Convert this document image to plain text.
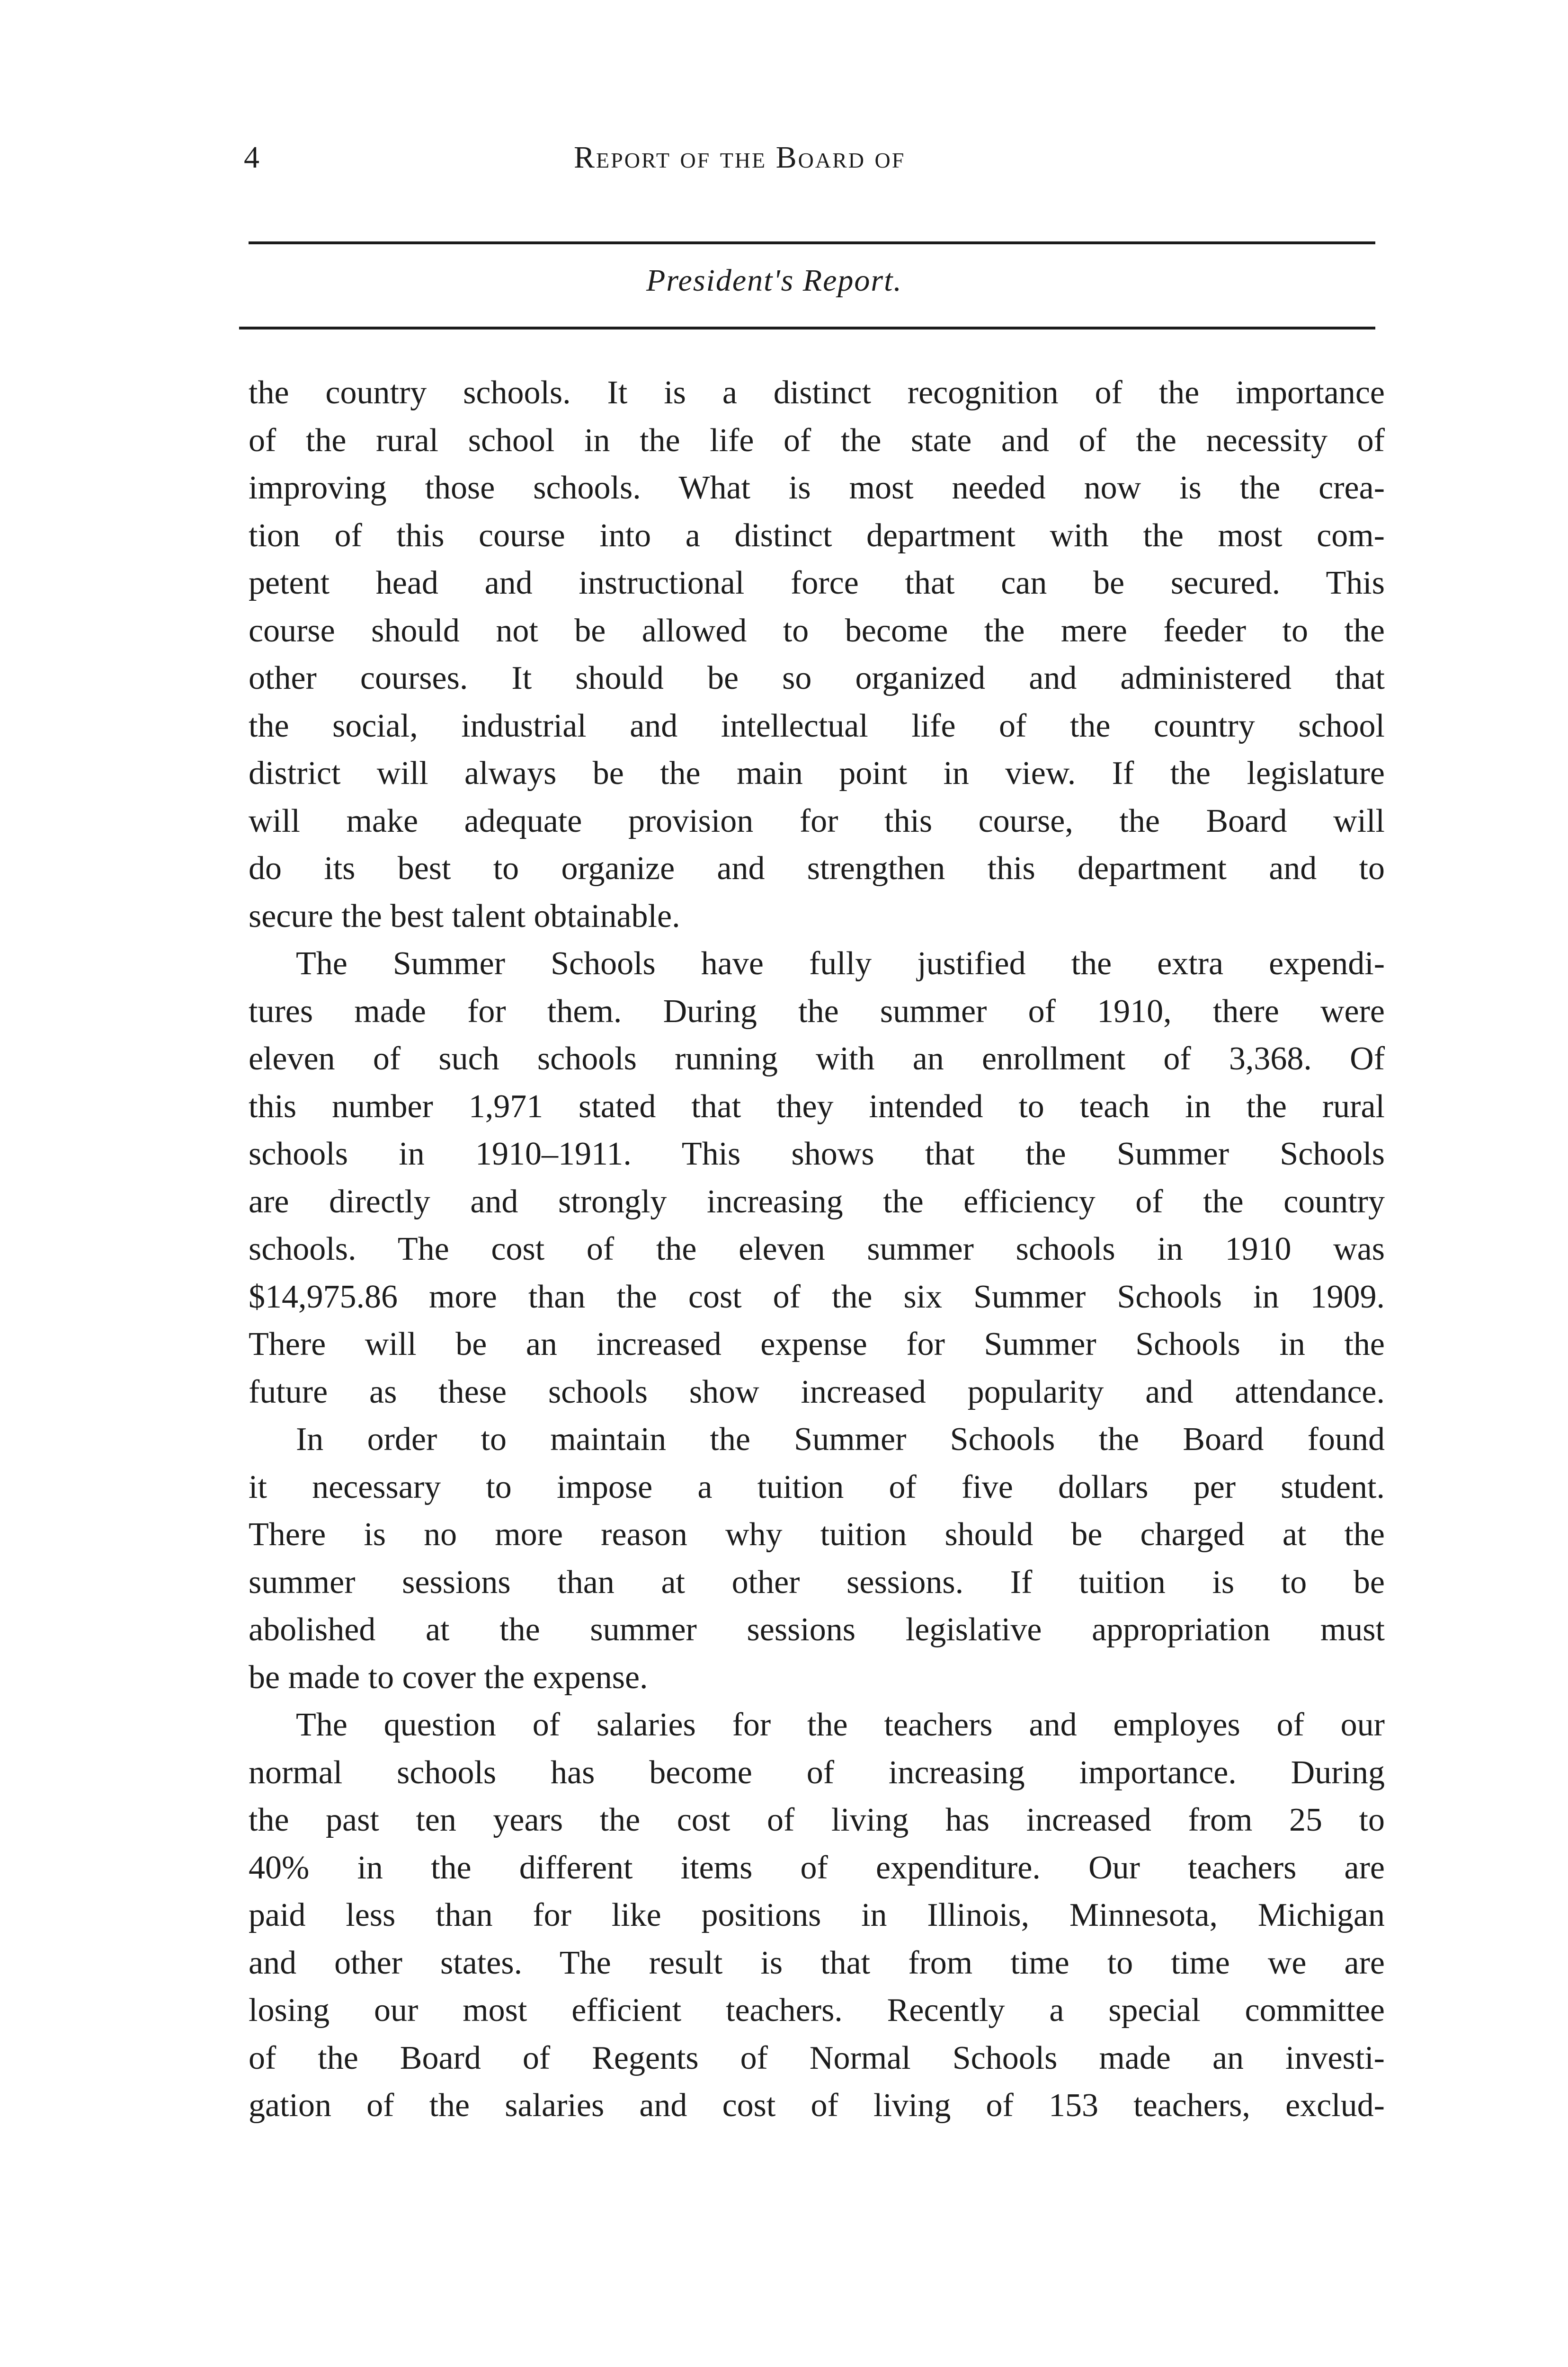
4	Report of the Board of
President's Report.
the country schools. It is a distinct recognition of the importance
of the rural school in the life of the state and of the necessity of
improving those schools. What is most needed now is the crea-
tion of this course into a distinct department with the most com-
petent head and instructional force that can be secured. This
course should not be allowed to become the mere feeder to the
other courses. It should be so organized and administered that
the social, industrial and intellectual life of the country school
district will always be the main point in view. If the legislature
will make adequate provision for this course, the Board will
do its best to organize and strengthen this department and to
secure the best talent obtainable.
The Summer Schools have fully justified the extra expendi-
tures made for them. During the summer of 1910, there were
eleven of such schools running with an enrollment of 3,368. Of
this number 1,971 stated that they intended to teach in the rural
schools in 1910–1911. This shows that the Summer Schools
are directly and strongly increasing the efficiency of the country
schools. The cost of the eleven summer schools in 1910 was
$14,975.86 more than the cost of the six Summer Schools in 1909.
There will be an increased expense for Summer Schools in the
future as these schools show increased popularity and attendance.
In order to maintain the Summer Schools the Board found
it necessary to impose a tuition of five dollars per student.
There is no more reason why tuition should be charged at the
summer sessions than at other sessions. If tuition is to be
abolished at the summer sessions legislative appropriation must
be made to cover the expense.
The question of salaries for the teachers and employes of our
normal schools has become of increasing importance. During
the past ten years the cost of living has increased from 25 to
40% in the different items of expenditure. Our teachers are
paid less than for like positions in Illinois, Minnesota, Michigan
and other states. The result is that from time to time we are
losing our most efficient teachers. Recently a special committee
of the Board of Regents of Normal Schools made an investi-
gation of the salaries and cost of living of 153 teachers, exclud-
